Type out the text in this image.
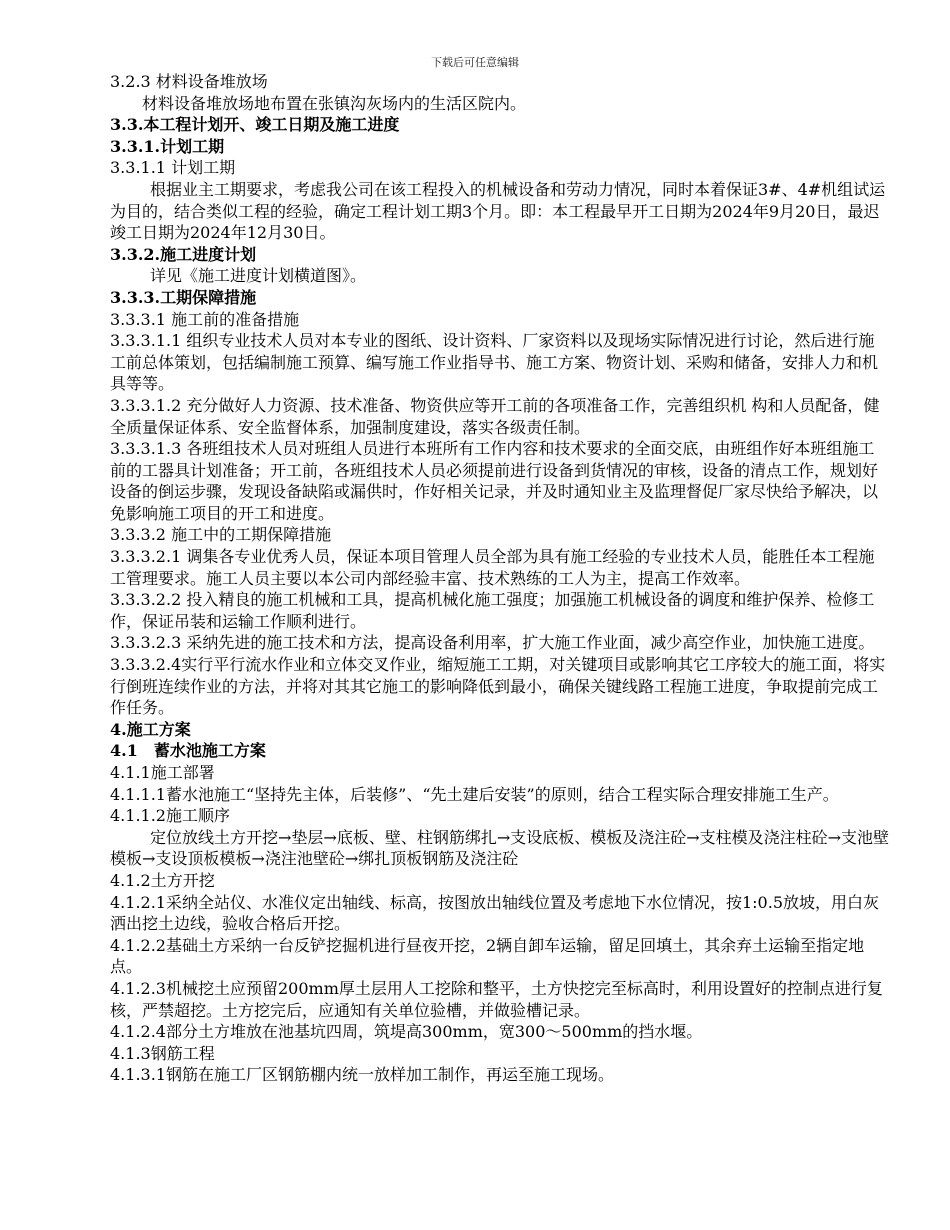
下载后可任意编辑

3.2.3 材料设备堆放场

材料设备堆放场地布置在张镇沟灰场内的生活区院内。

3.3.本工程计划开、竣工日期及施工进度

3.3.1.计划工期

3.3.1.1 计划工期

根据业主工期要求，考虑我公司在该工程投入的机械设备和劳动力情况，同时本着保证3#、4#机组试运为目的，结合类似工程的经验，确定工程计划工期3个月。即：本工程最早开工日期为2024年9月20日，最迟竣工日期为2024年12月30日。

3.3.2.施工进度计划

详见《施工进度计划横道图》。

3.3.3.工期保障措施

3.3.3.1 施工前的准备措施

3.3.3.1.1 组织专业技术人员对本专业的图纸、设计资料、厂家资料以及现场实际情况进行讨论，然后进行施工前总体策划，包括编制施工预算、编写施工作业指导书、施工方案、物资计划、采购和储备，安排人力和机具等等。

3.3.3.1.2 充分做好人力资源、技术准备、物资供应等开工前的各项准备工作，完善组织机 构和人员配备，健全质量保证体系、安全监督体系，加强制度建设，落实各级责任制。

3.3.3.1.3 各班组技术人员对班组人员进行本班所有工作内容和技术要求的全面交底，由班组作好本班组施工前的工器具计划准备；开工前，各班组技术人员必须提前进行设备到货情况的审核，设备的清点工作，规划好设备的倒运步骤，发现设备缺陷或漏供时，作好相关记录，并及时通知业主及监理督促厂家尽快给予解决，以免影响施工项目的开工和进度。

3.3.3.2 施工中的工期保障措施

3.3.3.2.1 调集各专业优秀人员，保证本项目管理人员全部为具有施工经验的专业技术人员，能胜任本工程施工管理要求。施工人员主要以本公司内部经验丰富、技术熟练的工人为主，提高工作效率。

3.3.3.2.2 投入精良的施工机械和工具，提高机械化施工强度；加强施工机械设备的调度和维护保养、检修工作，保证吊装和运输工作顺利进行。

3.3.3.2.3 采纳先进的施工技术和方法，提高设备利用率，扩大施工作业面，减少高空作业，加快施工进度。

3.3.3.2.4实行平行流水作业和立体交叉作业，缩短施工工期，对关键项目或影响其它工序较大的施工面，将实行倒班连续作业的方法，并将对其其它施工的影响降低到最小，确保关键线路工程施工进度，争取提前完成工作任务。

4.施工方案

4.1　蓄水池施工方案

4.1.1施工部署

4.1.1.1蓄水池施工“坚持先主体，后装修”、“先土建后安装”的原则，结合工程实际合理安排施工生产。

4.1.1.2施工顺序

定位放线土方开挖→垫层→底板、壁、柱钢筋绑扎→支设底板、模板及浇注砼→支柱模及浇注柱砼→支池壁模板→支设顶板模板→浇注池壁砼→绑扎顶板钢筋及浇注砼

4.1.2土方开挖

4.1.2.1采纳全站仪、水准仪定出轴线、标高，按图放出轴线位置及考虑地下水位情况，按1:0.5放坡，用白灰洒出挖土边线，验收合格后开挖。

4.1.2.2基础土方采纳一台反铲挖掘机进行昼夜开挖，2辆自卸车运输，留足回填土，其余弃土运输至指定地点。

4.1.2.3机械挖土应预留200mm厚土层用人工挖除和整平，土方快挖完至标高时，利用设置好的控制点进行复核，严禁超挖。土方挖完后，应通知有关单位验槽，并做验槽记录。

4.1.2.4部分土方堆放在池基坑四周，筑堤高300mm，宽300～500mm的挡水堰。

4.1.3钢筋工程

4.1.3.1钢筋在施工厂区钢筋棚内统一放样加工制作，再运至施工现场。
